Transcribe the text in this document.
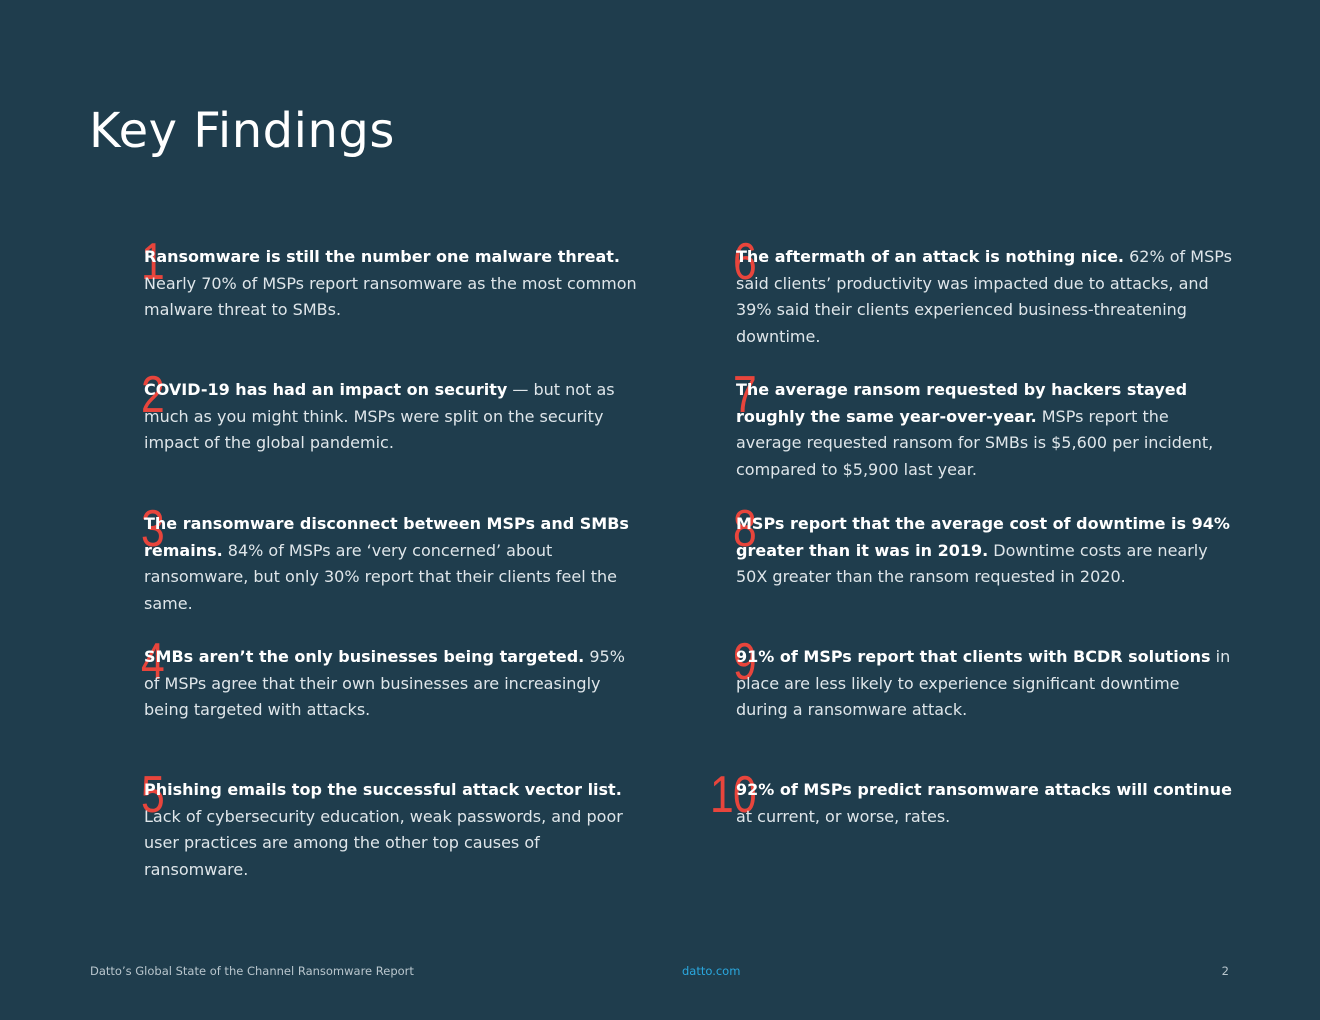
Key Findings
1

Ransomware is still the number one malware threat. Nearly 70% of MSPs report ransomware as the most common malware threat to SMBs.

2

COVID-19 has had an impact on security — but not as much as you might think. MSPs were split on the security impact of the global pandemic.

3

The ransomware disconnect between MSPs and SMBs remains. 84% of MSPs are ‘very concerned’ about ransomware, but only 30% report that their clients feel the same.

4

SMBs aren’t the only businesses being targeted. 95% of MSPs agree that their own businesses are increasingly being targeted with attacks.

5

Phishing emails top the successful attack vector list. Lack of cybersecurity education, weak passwords, and poor user practices are among the other top causes of ransomware.

6

The aftermath of an attack is nothing nice. 62% of MSPs said clients’ productivity was impacted due to attacks, and 39% said their clients experienced business-threatening downtime.

7

The average ransom requested by hackers stayed roughly the same year-over-year. MSPs report the average requested ransom for SMBs is $5,600 per incident, compared to $5,900 last year.

8

MSPs report that the average cost of downtime is 94% greater than it was in 2019. Downtime costs are nearly 50X greater than the ransom requested in 2020.

9

91% of MSPs report that clients with BCDR solutions in place are less likely to experience significant downtime during a ransomware attack.

10

92% of MSPs predict ransomware attacks will continue at current, or worse, rates.

Datto’s Global State of the Channel Ransomware Report	datto.com	2
